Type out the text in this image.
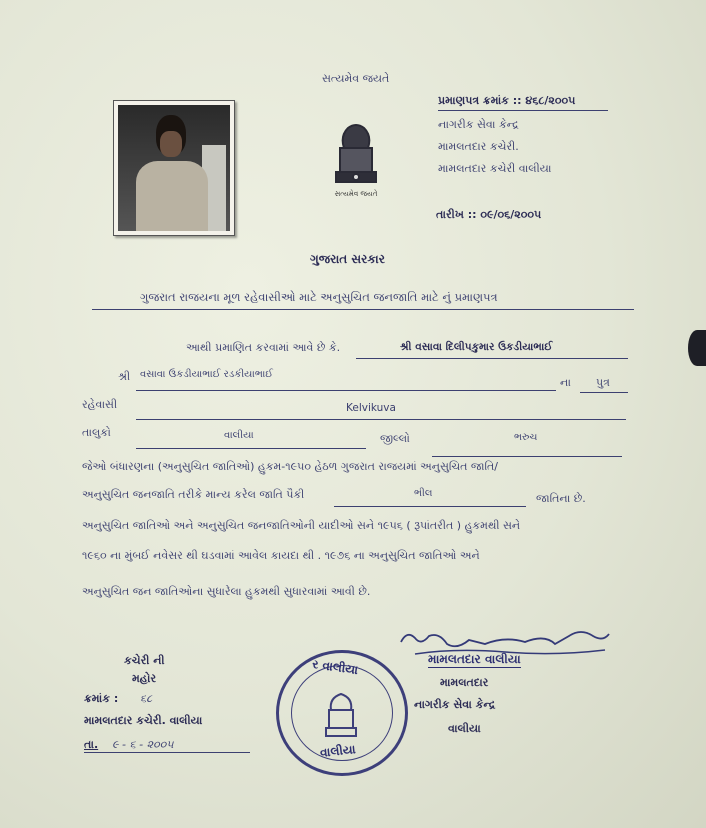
સત્યમેવ જયતે
પ્રમાણપત્ર ક્રમાંક :: ૪૬૮/૨૦૦૫
નાગરીક સેવા કેન્દ્ર
મામલતદાર કચેરી.
મામલતદાર કચેરી વાલીયા
તારીખ :: ૦૯/૦૬/૨૦૦૫
સત્યમેવ જયતે
ગુજરાત સરકાર
ગુજરાત રાજયના મૂળ રહેવાસીઓ માટે અનુસુચિત જનજાતિ માટે નું પ્રમાણપત્ર
આથી પ્રમાણિત કરવામાં આવે છે કે.	શ્રી વસાવા દિલીપકુમાર ઉકડીયાભાઈ
શ્રી વસાવા ઉકડીયાભાઈ રડકીયાભાઈ
ના પુત્ર
રહેવાસી	Kelvikuva
તાલુકો	વાલીયા	જીલ્લો	ભરુચ
જેઓ બંધારણના (અનુસુચિત જાતિઓ) હુકમ-૧૯૫૦ હેઠળ ગુજરાત રાજયમાં અનુસુચિત જાતિ/
અનુસુચિત જનજાતિ તરીકે માન્ય કરેલ જાતિ પૈકી	ભીલ	જાતિના છે.
અનુસુચિત જાતિઓ અને અનુસુચિત જનજાતિઓની યાદીઓ સને ૧૯૫૬ ( રૂપાંતરીત ) હુકમથી સને
૧૯૬૦ ના મુંબઈ નવેસર થી ઘડવામાં આવેલ કાયદા થી . ૧૯૭૬ ના અનુસુચિત જાતિઓ અને
અનુસુચિત જન જાતિઓના સુધારેલા હુકમથી સુધારવામાં આવી છે.
કચેરી ની
મહોર
ક્રમાંક : ૬૮
મામલતદાર કચેરી. વાલીયા
તા. ૯ - ૬ - ૨૦૦૫
ર વાલીયા
વાલીયા
મામલતદાર વાલીયા
મામલતદાર
નાગરીક સેવા કેન્દ્ર
વાલીયા
